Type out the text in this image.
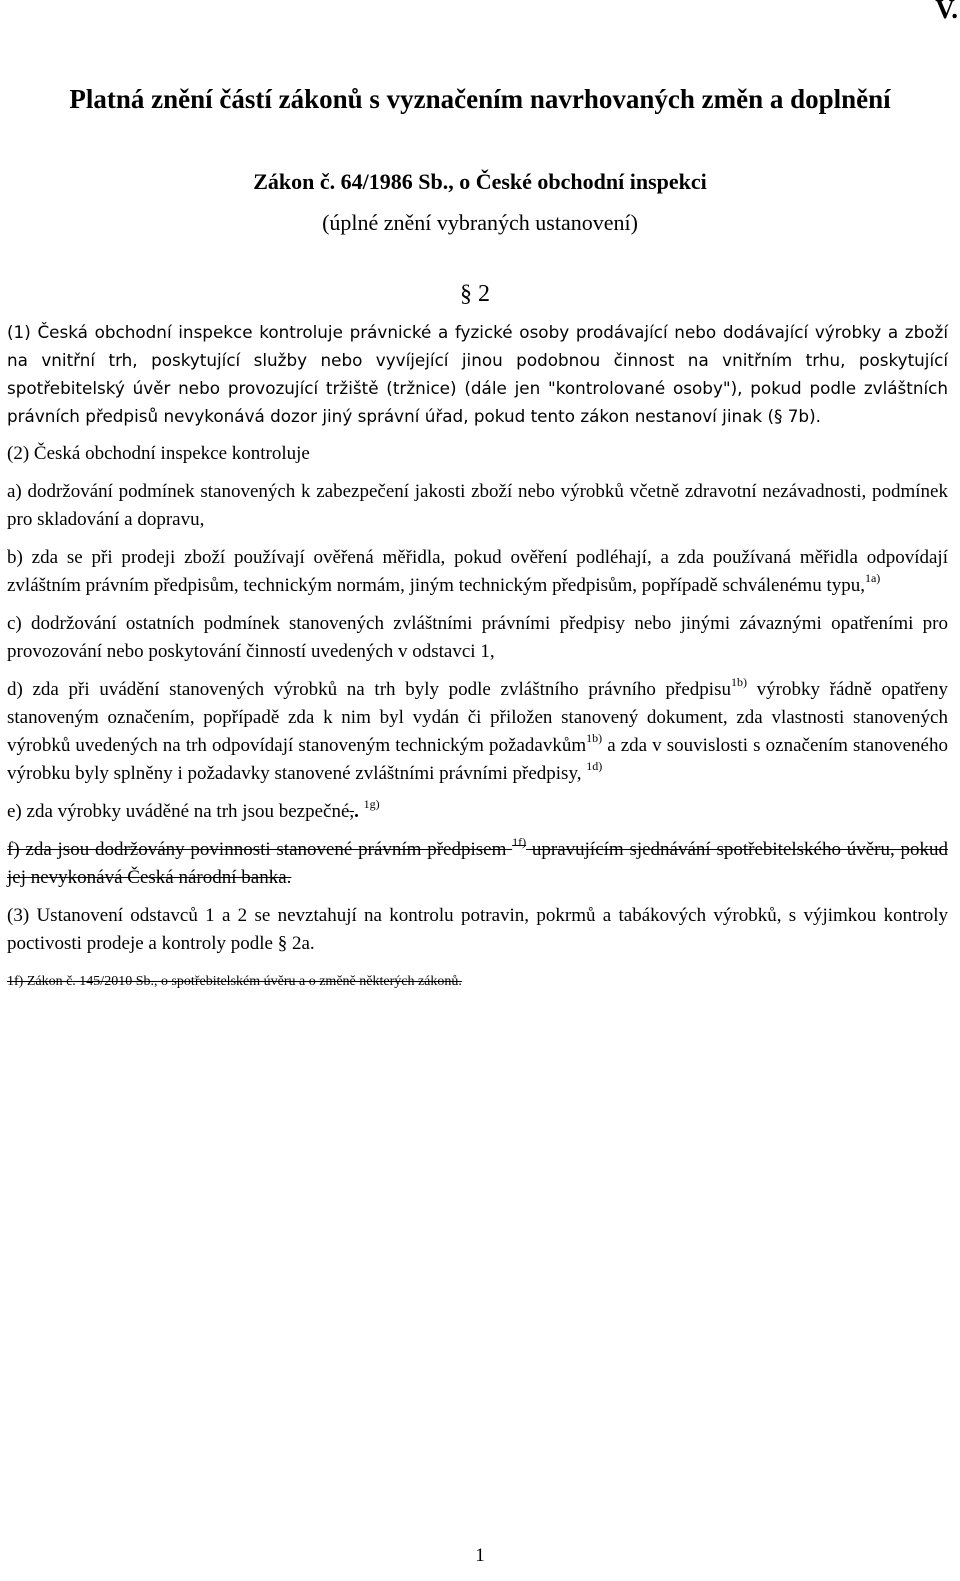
V.
Platná znění částí zákonů s vyznačením navrhovaných změn a doplnění
Zákon č. 64/1986 Sb., o České obchodní inspekci
(úplné znění vybraných ustanovení)
§ 2

(1) Česká obchodní inspekce kontroluje právnické a fyzické osoby prodávající nebo dodávající výrobky a zboží na vnitřní trh, poskytující služby nebo vyvíjející jinou podobnou činnost na vnitřním trhu, poskytující spotřebitelský úvěr nebo provozující tržiště (tržnice) (dále jen "kontrolované osoby"), pokud podle zvláštních právních předpisů nevykonává dozor jiný správní úřad, pokud tento zákon nestanoví jinak (§ 7b).

(2) Česká obchodní inspekce kontroluje

a) dodržování podmínek stanovených k zabezpečení jakosti zboží nebo výrobků včetně zdravotní nezávadnosti, podmínek pro skladování a dopravu,

b) zda se při prodeji zboží používají ověřená měřidla, pokud ověření podléhají, a zda používaná měřidla odpovídají zvláštním právním předpisům, technickým normám, jiným technickým předpisům, popřípadě schválenému typu,$^{1a)}$

c) dodržování ostatních podmínek stanovených zvláštními právními předpisy nebo jinými závaznými opatřeními pro provozování nebo poskytování činností uvedených v odstavci 1,

d) zda při uvádění stanovených výrobků na trh byly podle zvláštního právního předpisu$^{1b)}$ výrobky řádně opatřeny stanoveným označením, popřípadě zda k nim byl vydán či přiložen stanovený dokument, zda vlastnosti stanovených výrobků uvedených na trh odpovídají stanoveným technickým požadavkům$^{1b)}$ a zda v souvislosti s označením stanoveného výrobku byly splněny i požadavky stanovené zvláštními právními předpisy, $^{1d)}$

e) zda výrobky uváděné na trh jsou bezpečné,. $^{1g)}$

f) zda jsou dodržovány povinnosti stanovené právním předpisem $^{1f)}$ upravujícím sjednávání spotřebitelského úvěru, pokud jej nevykonává Česká národní banka.

(3) Ustanovení odstavců 1 a 2 se nevztahují na kontrolu potravin, pokrmů a tabákových výrobků, s výjimkou kontroly poctivosti prodeje a kontroly podle § 2a.

1f) Zákon č. 145/2010 Sb., o spotřebitelském úvěru a o změně některých zákonů.

1
